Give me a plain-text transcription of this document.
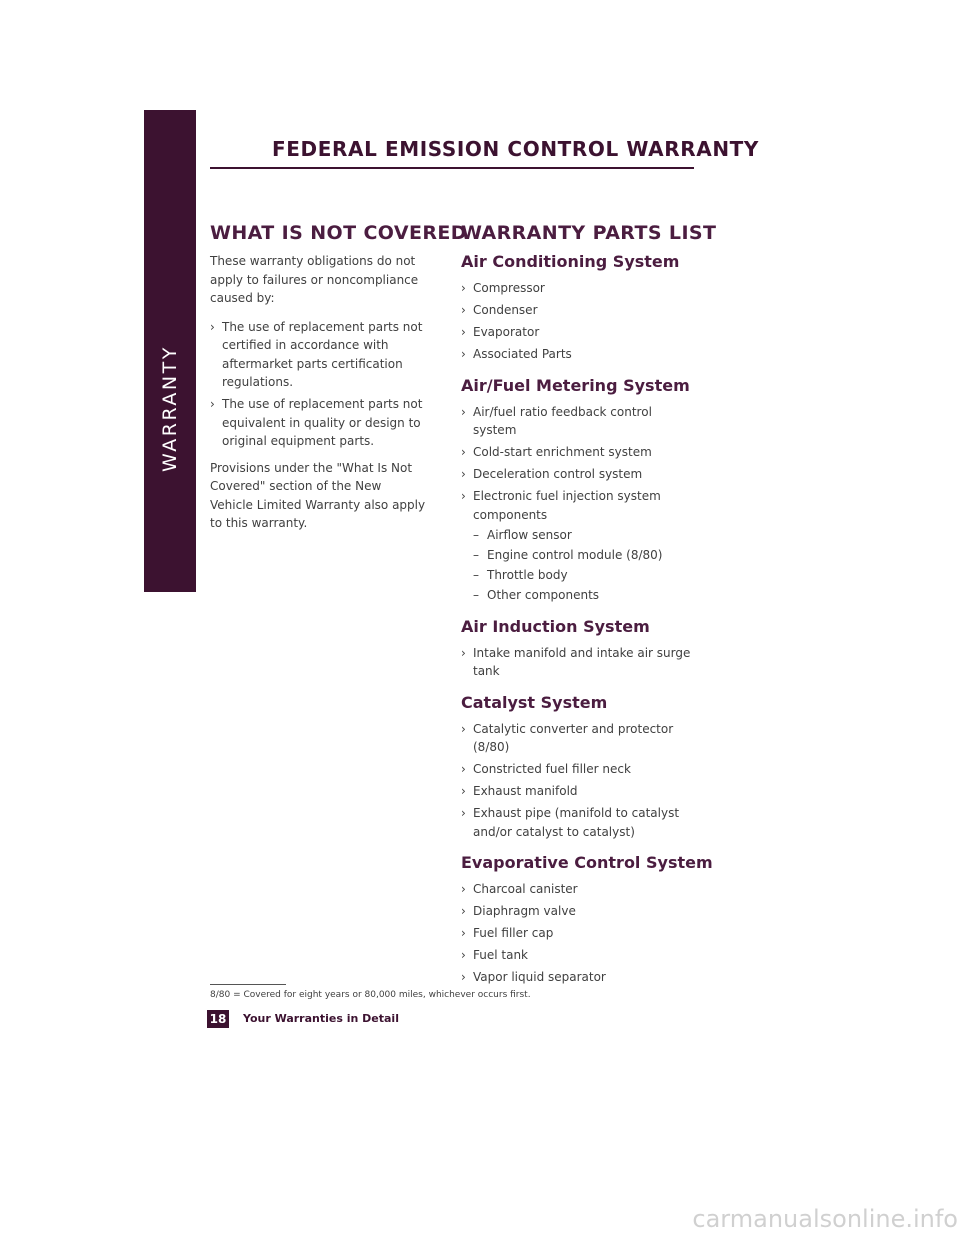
WARRANTY
FEDERAL EMISSION CONTROL WARRANTY
WHAT IS NOT COVERED

These warranty obligations do not apply to failures or noncompliance caused by:

› The use of replacement parts not certified in accordance with aftermarket parts certification regulations.
› The use of replacement parts not equivalent in quality or design to original equipment parts.

Provisions under the "What Is Not Covered" section of the New Vehicle Limited Warranty also apply to this warranty.

WARRANTY PARTS LIST
Air Conditioning System
› Compressor
› Condenser
› Evaporator
› Associated Parts
Air/Fuel Metering System
› Air/fuel ratio feedback control system
› Cold-start enrichment system
› Deceleration control system
› Electronic fuel injection system components
– Airflow sensor
– Engine control module (8/80)
– Throttle body
– Other components
Air Induction System
› Intake manifold and intake air surge tank
Catalyst System
› Catalytic converter and protector (8/80)
› Constricted fuel filler neck
› Exhaust manifold
› Exhaust pipe (manifold to catalyst and/or catalyst to catalyst)
Evaporative Control System
› Charcoal canister
› Diaphragm valve
› Fuel filler cap
› Fuel tank
› Vapor liquid separator
8/80 = Covered for eight years or 80,000 miles, whichever occurs first.
18 Your Warranties in Detail
carmanualsonline.info
